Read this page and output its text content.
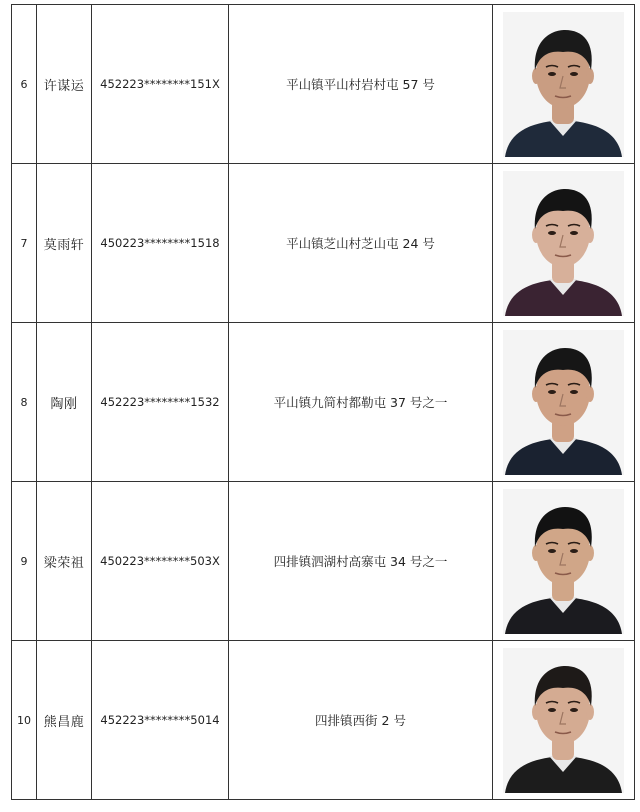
6	许谋运	452223********151X	平山镇平山村岩村屯 57 号	

7	莫雨轩	450223********1518	平山镇芝山村芝山屯 24 号	

8	陶刚	452223********1532	平山镇九简村都勒屯 37 号之一	

9	梁荣祖	450223********503X	四排镇泗湖村高寨屯 34 号之一	

10	熊昌鹿	452223********5014	四排镇西街 2 号	
